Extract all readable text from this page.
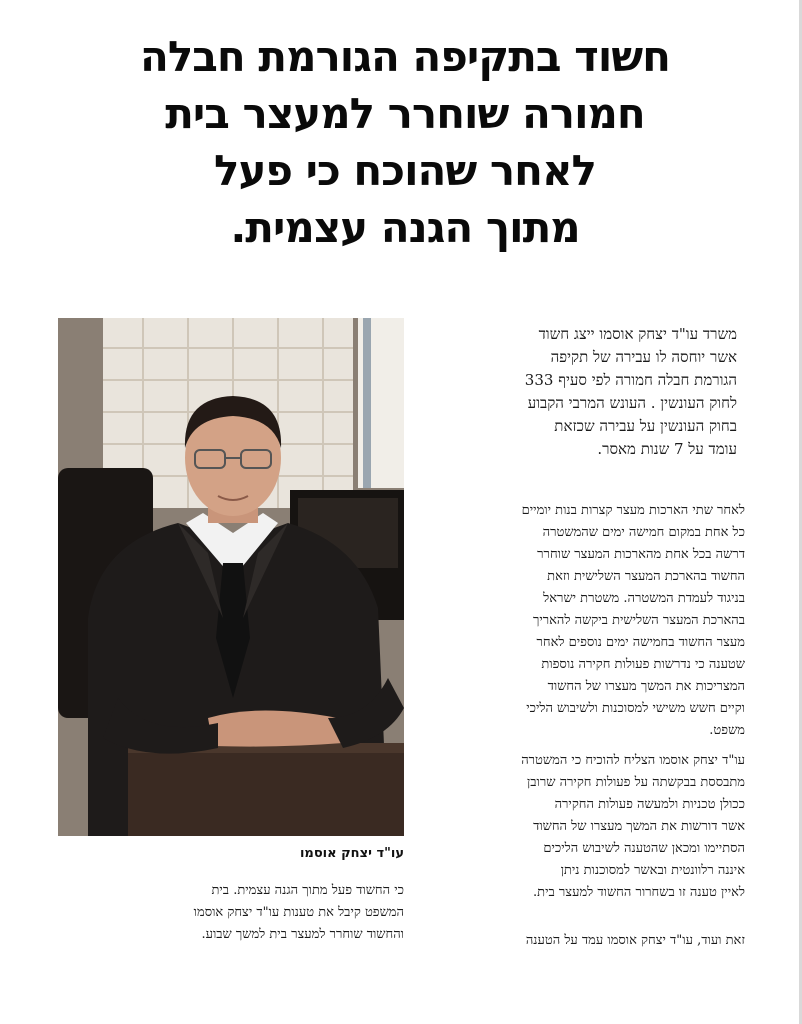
חשוד בתקיפה הגורמת חבלה
חמורה שוחרר למעצר בית
לאחר שהוכח כי פעל
מתוך הגנה עצמית.
עו"ד יצחק אוסמו
משרד עו"ד יצחק אוסמו ייצג חשוד
אשר יוחסה לו עבירה של תקיפה
הגורמת חבלה חמורה לפי סעיף 333
לחוק העונשין . העונש המרבי הקבוע
בחוק העונשין על עבירה שכזאת
עומד על 7 שנות מאסר.
לאחר שתי הארכות מעצר קצרות בנות יומיים
כל אחת במקום חמישה ימים שהמשטרה
דרשה בכל אחת מהארכות המעצר שוחרר
החשוד בהארכת המעצר השלישית וזאת
בניגוד לעמדת המשטרה. משטרת ישראל
בהארכת המעצר השלישית ביקשה להאריך
מעצר החשוד בחמישה ימים נוספים לאחר
שטענה כי נדרשות פעולות חקירה נוספות
המצריכות את המשך מעצרו של החשוד
וקיים חשש משישי למסוכנות ולשיבוש הליכי
משפט.
עו"ד יצחק אוסמו הצליח להוכיח כי המשטרה
מתבססת בבקשתה על פעולות חקירה שרובן
ככולן טכניות ולמעשה פעולות החקירה
אשר דורשות את המשך מעצרו של החשוד
הסתיימו ומכאן שהטענה לשיבוש הליכים
איננה רלוונטית ובאשר למסוכנות ניתן
לאיין טענה זו בשחרור החשוד למעצר בית.
זאת ועוד, עו"ד יצחק אוסמו עמד על הטענה
כי החשוד פעל מתוך הגנה עצמית. בית
המשפט קיבל את טענות עו"ד יצחק אוסמו
והחשוד שוחרר למעצר בית למשך שבוע.
